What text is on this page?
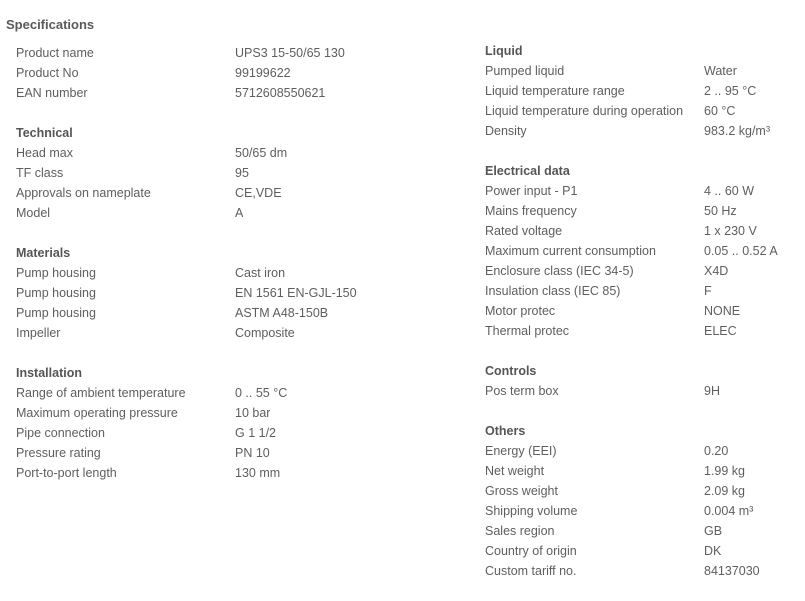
Specifications
Product name	UPS3 15-50/65 130
Product No	99199622
EAN number	5712608550621
Technical
Head max	50/65 dm
TF class	95
Approvals on nameplate	CE,VDE
Model	A
Materials
Pump housing	Cast iron
Pump housing	EN 1561 EN-GJL-150
Pump housing	ASTM A48-150B
Impeller	Composite
Installation
Range of ambient temperature	0 .. 55 °C
Maximum operating pressure	10 bar
Pipe connection	G 1 1/2
Pressure rating	PN 10
Port-to-port length	130 mm
Liquid
Pumped liquid	Water
Liquid temperature range	2 .. 95 °C
Liquid temperature during operation	60 °C
Density	983.2 kg/m³
Electrical data
Power input - P1	4 .. 60 W
Mains frequency	50 Hz
Rated voltage	1 x 230 V
Maximum current consumption	0.05 .. 0.52 A
Enclosure class (IEC 34-5)	X4D
Insulation class (IEC 85)	F
Motor protec	NONE
Thermal protec	ELEC
Controls
Pos term box	9H
Others
Energy (EEI)	0.20
Net weight	1.99 kg
Gross weight	2.09 kg
Shipping volume	0.004 m³
Sales region	GB
Country of origin	DK
Custom tariff no.	84137030
